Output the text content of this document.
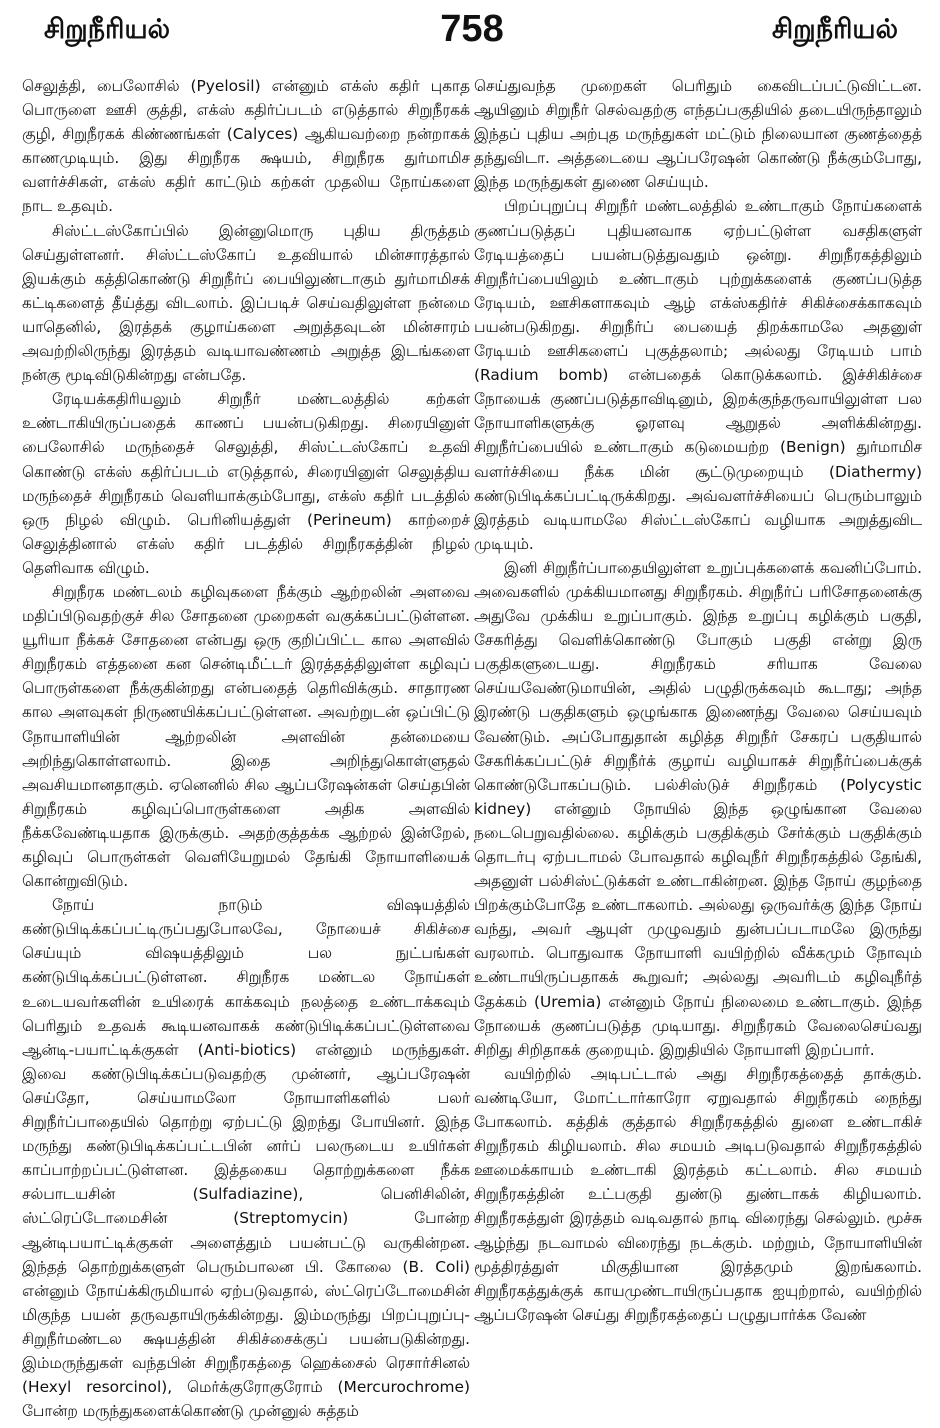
சிறுநீரியல்	758	சிறுநீரியல்

செலுத்தி, பைலோசில் (Pyelosil) என்னும் எக்ஸ் கதிர் புகாத பொருளை ஊசி குத்தி, எக்ஸ் கதிர்ப்படம் எடுத்தால் சிறுநீரகக் குழி, சிறுநீரகக் கிண்ணங்கள் (Calyces) ஆகியவற்றை நன்றாகக் காணமுடியும். இது சிறுநீரக க்ஷயம், சிறுநீரக துர்மாமிச வளர்ச்சிகள், எக்ஸ் கதிர் காட்டும் கற்கள் முதலிய நோய்களை நாட உதவும்.

சிஸ்ட்டஸ்கோப்பில் இன்னுமொரு புதிய திருத்தம் செய்துள்ளனர். சிஸ்ட்டஸ்கோப் உதவியால் மின்சாரத்தால் இயக்கும் கத்திகொண்டு சிறுநீர்ப் பையிலுண்டாகும் துர்மாமிசக் கட்டிகளைத் தீய்த்து விடலாம். இப்படிச் செய்வதிலுள்ள நன்மை யாதெனில், இரத்தக் குழாய்களை அறுத்தவுடன் மின்சாரம் அவற்றிலிருந்து இரத்தம் வடியாவண்ணம் அறுத்த இடங்களை நன்கு மூடிவிடுகின்றது என்பதே.

ரேடியக்கதிரியலும் சிறுநீர் மண்டலத்தில் கற்கள் உண்டாகியிருப்பதைக் காணப் பயன்படுகிறது. சிரையினுள் பைலோசில் மருந்தைச் செலுத்தி, சிஸ்ட்டஸ்கோப் உதவி கொண்டு எக்ஸ் கதிர்ப்படம் எடுத்தால், சிரையினுள் செலுத்திய மருந்தைச் சிறுநீரகம் வெளியாக்கும்போது, எக்ஸ் கதிர் படத்தில் ஒரு நிழல் விழும். பெரினியத்துள் (Perineum) காற்றைச் செலுத்தினால் எக்ஸ் கதிர் படத்தில் சிறுநீரகத்தின் நிழல் தெளிவாக விழும்.

சிறுநீரக மண்டலம் கழிவுகளை நீக்கும் ஆற்றலின் அளவை மதிப்பிடுவதற்குச் சில சோதனை முறைகள் வகுக்கப்பட்டுள்ளன. யூரியா நீக்கச் சோதனை என்பது ஒரு குறிப்பிட்ட கால அளவில் சிறுநீரகம் எத்தனை கன சென்டிமீட்டர் இரத்தத்திலுள்ள கழிவுப் பொருள்களை நீக்குகின்றது என்பதைத் தெரிவிக்கும். சாதாரண கால அளவுகள் நிருணயிக்கப்பட்டுள்ளன. அவற்றுடன் ஒப்பிட்டு நோயாளியின் ஆற்றலின் அளவின் தன்மையை அறிந்துகொள்ளலாம். இதை அறிந்துகொள்ளுதல் அவசியமானதாகும். ஏனெனில் சில ஆப்பரேஷன்கள் செய்தபின் சிறுநீரகம் கழிவுப்பொருள்களை அதிக அளவில் நீக்கவேண்டியதாக இருக்கும். அதற்குத்தக்க ஆற்றல் இன்றேல், கழிவுப் பொருள்கள் வெளியேறுமல் தேங்கி நோயாளியைக் கொன்றுவிடும்.

நோய் நாடும் விஷயத்தில் கண்டுபிடிக்கப்பட்டிருப்பதுபோலவே, நோயைச் சிகிச்சை செய்யும் விஷயத்திலும் பல நுட்பங்கள் கண்டுபிடிக்கப்பட்டுள்ளன. சிறுநீரக மண்டல நோய்கள் உடையவர்களின் உயிரைக் காக்கவும் நலத்தை உண்டாக்கவும் பெரிதும் உதவக் கூடியனவாகக் கண்டுபிடிக்கப்பட்டுள்ளவை ஆன்டி-பயாட்டிக்குகள் (Anti-biotics) என்னும் மருந்துகள். இவை கண்டுபிடிக்கப்படுவதற்கு முன்னர், ஆப்பரேஷன் செய்தோ, செய்யாமலோ நோயாளிகளில் பலர் சிறுநீர்ப்பாதையில் தொற்று ஏற்பட்டு இறந்து போயினர். இந்த மருந்து கண்டுபிடிக்கப்பட்டபின் னர்ப் பலருடைய உயிர்கள் காப்பாற்றப்பட்டுள்ளன. இத்தகைய தொற்றுக்களை நீக்க சல்பாடயசின் (Sulfadiazine), பெனிசிலின், ஸ்ட்ரெப்டோமைசின் (Streptomycin) போன்ற ஆன்டிபயாட்டிக்குகள் அளைத்தும் பயன்பட்டு வருகின்றன. இந்தத் தொற்றுக்களுள் பெரும்பாலன பி. கோலை (B. Coli) என்னும் நோய்க்கிருமியால் ஏற்படுவதால், ஸ்ட்ரெப்டோமைசின் மிகுந்த பயன் தருவதாயிருக்கின்றது. இம்மருந்து பிறப்புறுப்பு-சிறுநீர்மண்டல க்ஷயத்தின் சிகிச்சைக்குப் பயன்படுகின்றது. இம்மருந்துகள் வந்தபின் சிறுநீரகத்தை ஹெக்சைல் ரெசார்சினல் (Hexyl resorcinol), மெர்க்குரோகுரோம் (Mercurochrome) போன்ற மருந்துகளைக்கொண்டு முன்னுல் சுத்தம்

செய்துவந்த முறைகள் பெரிதும் கைவிடப்பட்டுவிட்டன. ஆயினும் சிறுநீர் செல்வதற்கு எந்தப்பகுதியில் தடையிருந்தாலும் இந்தப் புதிய அற்புத மருந்துகள் மட்டும் நிலையான குணத்தைத் தந்துவிடா. அத்தடையை ஆப்பரேஷன் கொண்டு நீக்கும்போது, இந்த மருந்துகள் துணை செய்யும்.

பிறப்புறுப்பு சிறுநீர் மண்டலத்தில் உண்டாகும் நோய்களைக் குணப்படுத்தப் புதியனவாக ஏற்பட்டுள்ள வசதிகளுள் ரேடியத்தைப் பயன்படுத்துவதும் ஒன்று. சிறுநீரகத்திலும் சிறுநீர்ப்பையிலும் உண்டாகும் புற்றுக்களைக் குணப்படுத்த ரேடியம், ஊசிகளாகவும் ஆழ் எக்ஸ்கதிர்ச் சிகிச்சைக்காகவும் பயன்படுகிறது. சிறுநீர்ப் பையைத் திறக்காமலே அதனுள் ரேடியம் ஊசிகளைப் புகுத்தலாம்; அல்லது ரேடியம் பாம் (Radium bomb) என்பதைக் கொடுக்கலாம். இச்சிகிச்சை நோயைக் குணப்படுத்தாவிடினும், இறக்குந்தருவாயிலுள்ள பல நோயாளிகளுக்கு ஓரளவு ஆறுதல் அளிக்கின்றது. சிறுநீர்ப்பையில் உண்டாகும் கடுமையற்ற (Benign) துர்மாமிச வளர்ச்சியை நீக்க மின் சூட்டுமுறையும் (Diathermy) கண்டுபிடிக்கப்பட்டிருக்கிறது. அவ்வளர்ச்சியைப் பெரும்பாலும் இரத்தம் வடியாமலே சிஸ்ட்டஸ்கோப் வழியாக அறுத்துவிட முடியும்.

இனி சிறுநீர்ப்பாதையிலுள்ள உறுப்புக்களைக் கவனிப்போம். அவைகளில் முக்கியமானது சிறுநீரகம். சிறுநீர்ப் பரிசோதனைக்கு அதுவே முக்கிய உறுப்பாகும். இந்த உறுப்பு கழிக்கும் பகுதி, சேகரித்து வெளிக்கொண்டு போகும் பகுதி என்று இரு பகுதிகளுடையது. சிறுநீரகம் சரியாக வேலை செய்யவேண்டுமாயின், அதில் பழுதிருக்கவும் கூடாது; அந்த இரண்டு பகுதிகளும் ஒழுங்காக இணைந்து வேலை செய்யவும் வேண்டும். அப்போதுதான் கழித்த சிறுநீர் சேகரப் பகுதியால் சேகரிக்கப்பட்டுச் சிறுநீர்க் குழாய் வழியாகச் சிறுநீர்ப்பைக்குக் கொண்டுபோகப்படும். பல்சிஸ்டுச் சிறுநீரகம் (Polycystic kidney) என்னும் நோயில் இந்த ஒழுங்கான வேலை நடைபெறுவதில்லை. கழிக்கும் பகுதிக்கும் சேர்க்கும் பகுதிக்கும் தொடர்பு ஏற்படாமல் போவதால் கழிவுநீர் சிறுநீரகத்தில் தேங்கி, அதனுள் பல்சிஸ்ட்டுக்கள் உண்டாகின்றன. இந்த நோய் குழந்தை பிறக்கும்போதே உண்டாகலாம். அல்லது ஒருவர்க்கு இந்த நோய் வந்து, அவர் ஆயுள் முழுவதும் துன்பப்படாமலே இருந்து வரலாம். பொதுவாக நோயாளி வயிற்றில் வீக்கமும் நோவும் உண்டாயிருப்பதாகக் கூறுவர்; அல்லது அவரிடம் கழிவுநீர்த் தேக்கம் (Uremia) என்னும் நோய் நிலைமை உண்டாகும். இந்த நோயைக் குணப்படுத்த முடியாது. சிறுநீரகம் வேலைசெய்வது சிறிது சிறிதாகக் குறையும். இறுதியில் நோயாளி இறப்பார்.

வயிற்றில் அடிபட்டால் அது சிறுநீரகத்தைத் தாக்கும். வண்டியோ, மோட்டார்காரோ ஏறுவதால் சிறுநீரகம் நைந்து போகலாம். கத்திக் குத்தால் சிறுநீரகத்தில் துளை உண்டாகிச் சிறுநீரகம் கிழியலாம். சில சமயம் அடிபடுவதால் சிறுநீரகத்தில் ஊமைக்காயம் உண்டாகி இரத்தம் கட்டலாம். சில சமயம் சிறுநீரகத்தின் உட்பகுதி துண்டு துண்டாகக் கிழியலாம். சிறுநீரகத்துள் இரத்தம் வடிவதால் நாடி விரைந்து செல்லும். மூச்சு ஆழ்ந்து நடவாமல் விரைந்து நடக்கும். மற்றும், நோயாளியின் மூத்திரத்துள் மிகுதியான இரத்தமும் இறங்கலாம். சிறுநீரகத்துக்குக் காயமுண்டாயிருப்பதாக ஐயுற்றால், வயிற்றில் ஆப்பரேஷன் செய்து சிறுநீரகத்தைப் பழுதுபார்க்க வேண்
